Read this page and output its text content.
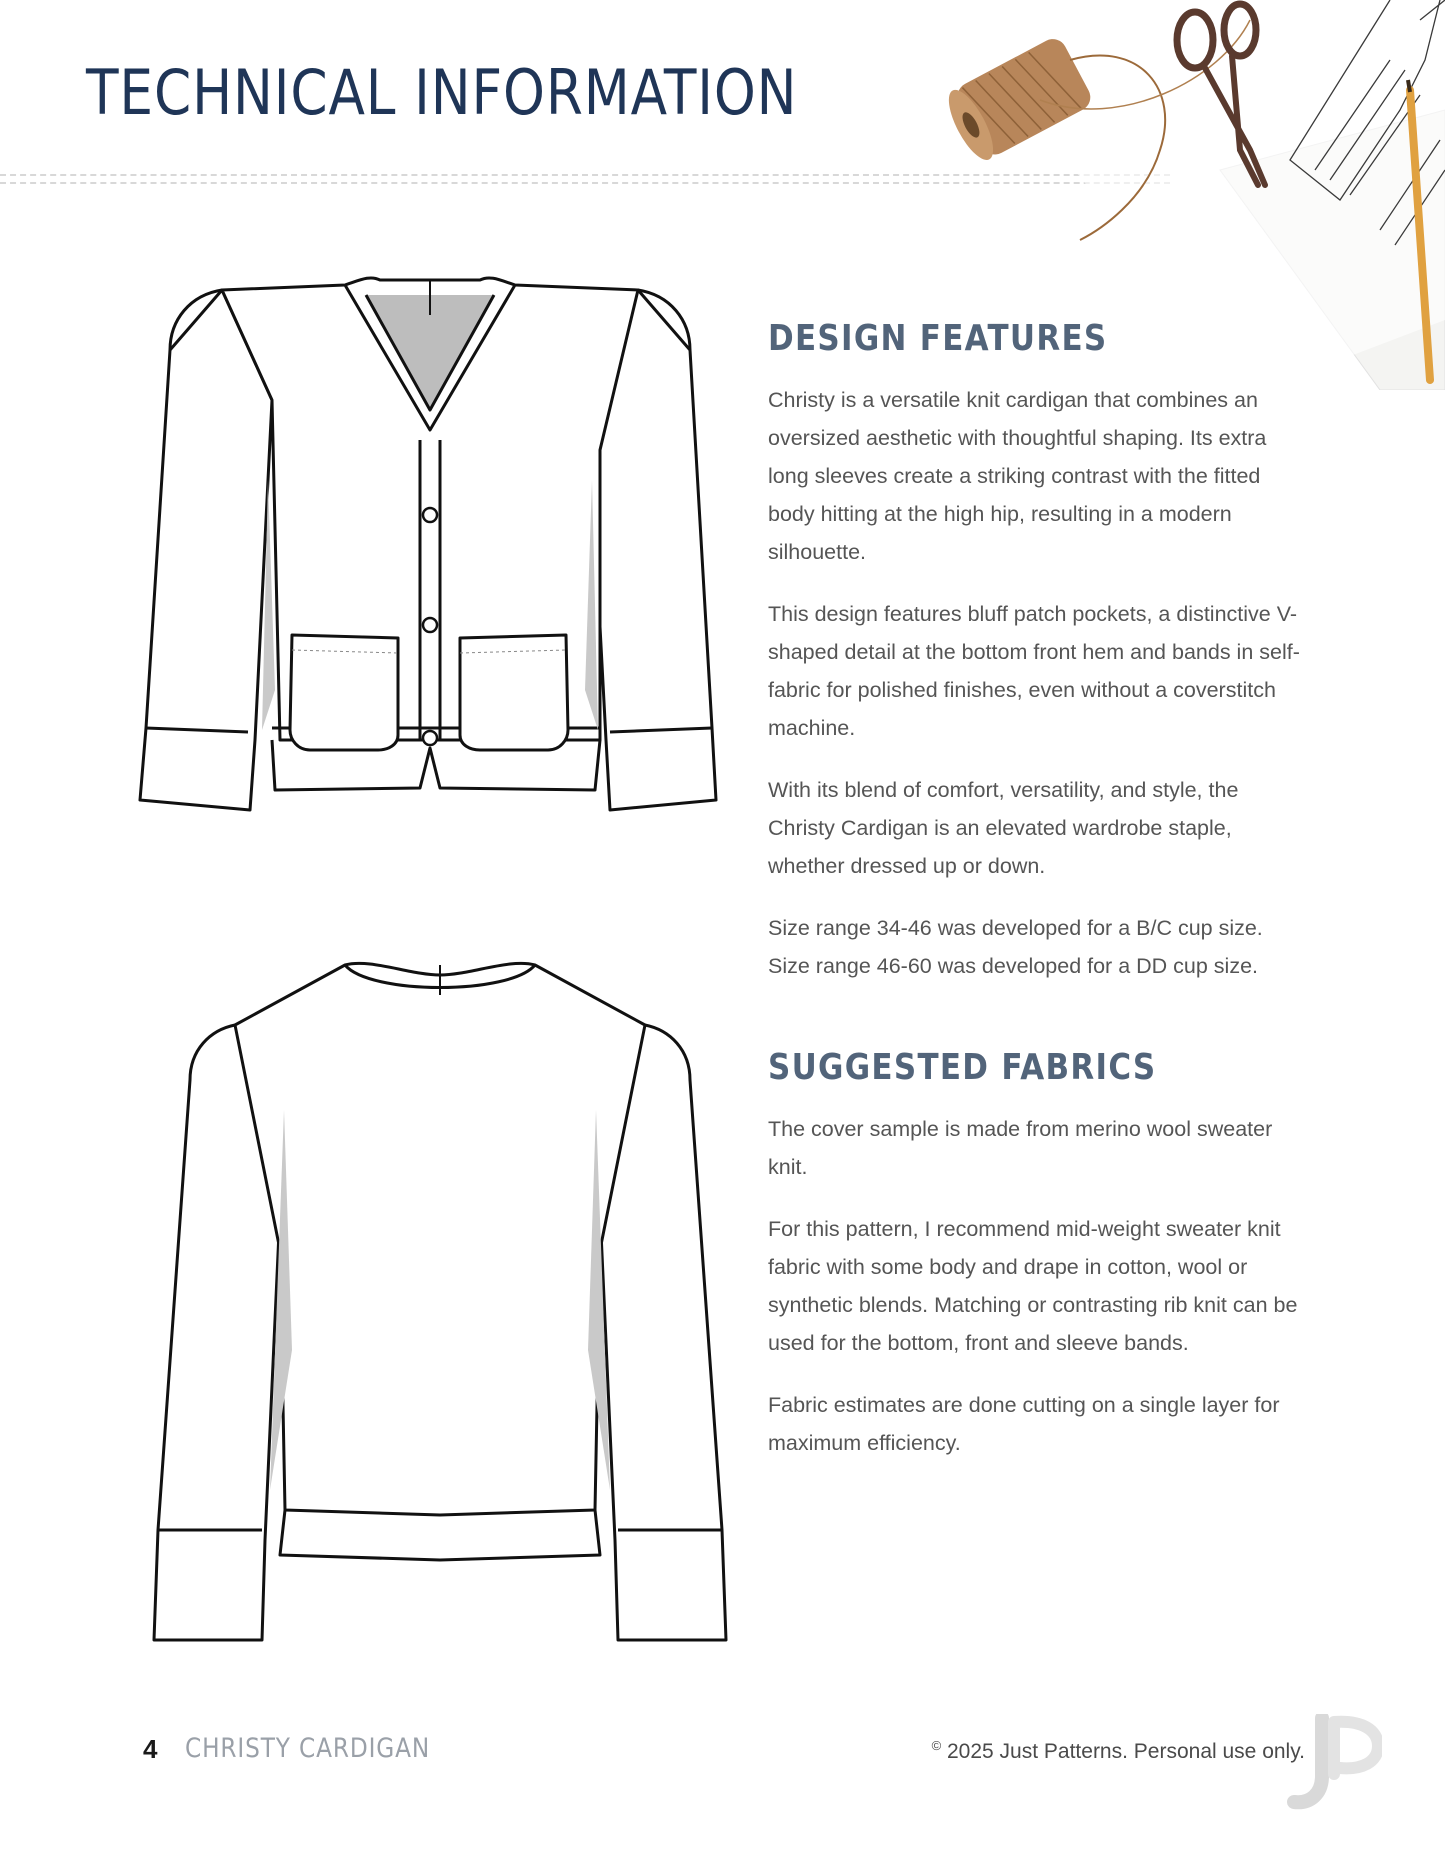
TECHNICAL INFORMATION
DESIGN FEATURES

Christy is a versatile knit cardigan that combines an oversized aesthetic with thoughtful shaping. Its extra long sleeves create a striking contrast with the fitted body hitting at the high hip, resulting in a modern silhouette.

This design features bluff patch pockets, a distinctive V-shaped detail at the bottom front hem and bands in self-fabric for polished finishes, even without a coverstitch machine.

With its blend of comfort, versatility, and style, the Christy Cardigan is an elevated wardrobe staple, whether dressed up or down.

Size range 34-46 was developed for a B/C cup size. Size range 46-60 was developed for a DD cup size.

SUGGESTED FABRICS

The cover sample is made from merino wool sweater knit.

For this pattern, I recommend mid-weight sweater knit fabric with some body and drape in cotton, wool or synthetic blends. Matching or contrasting rib knit can be used for the bottom, front and sleeve bands.

Fabric estimates are done cutting on a single layer for maximum efficiency.

4 CHRISTY CARDIGAN	© 2025 Just Patterns. Personal use only.
